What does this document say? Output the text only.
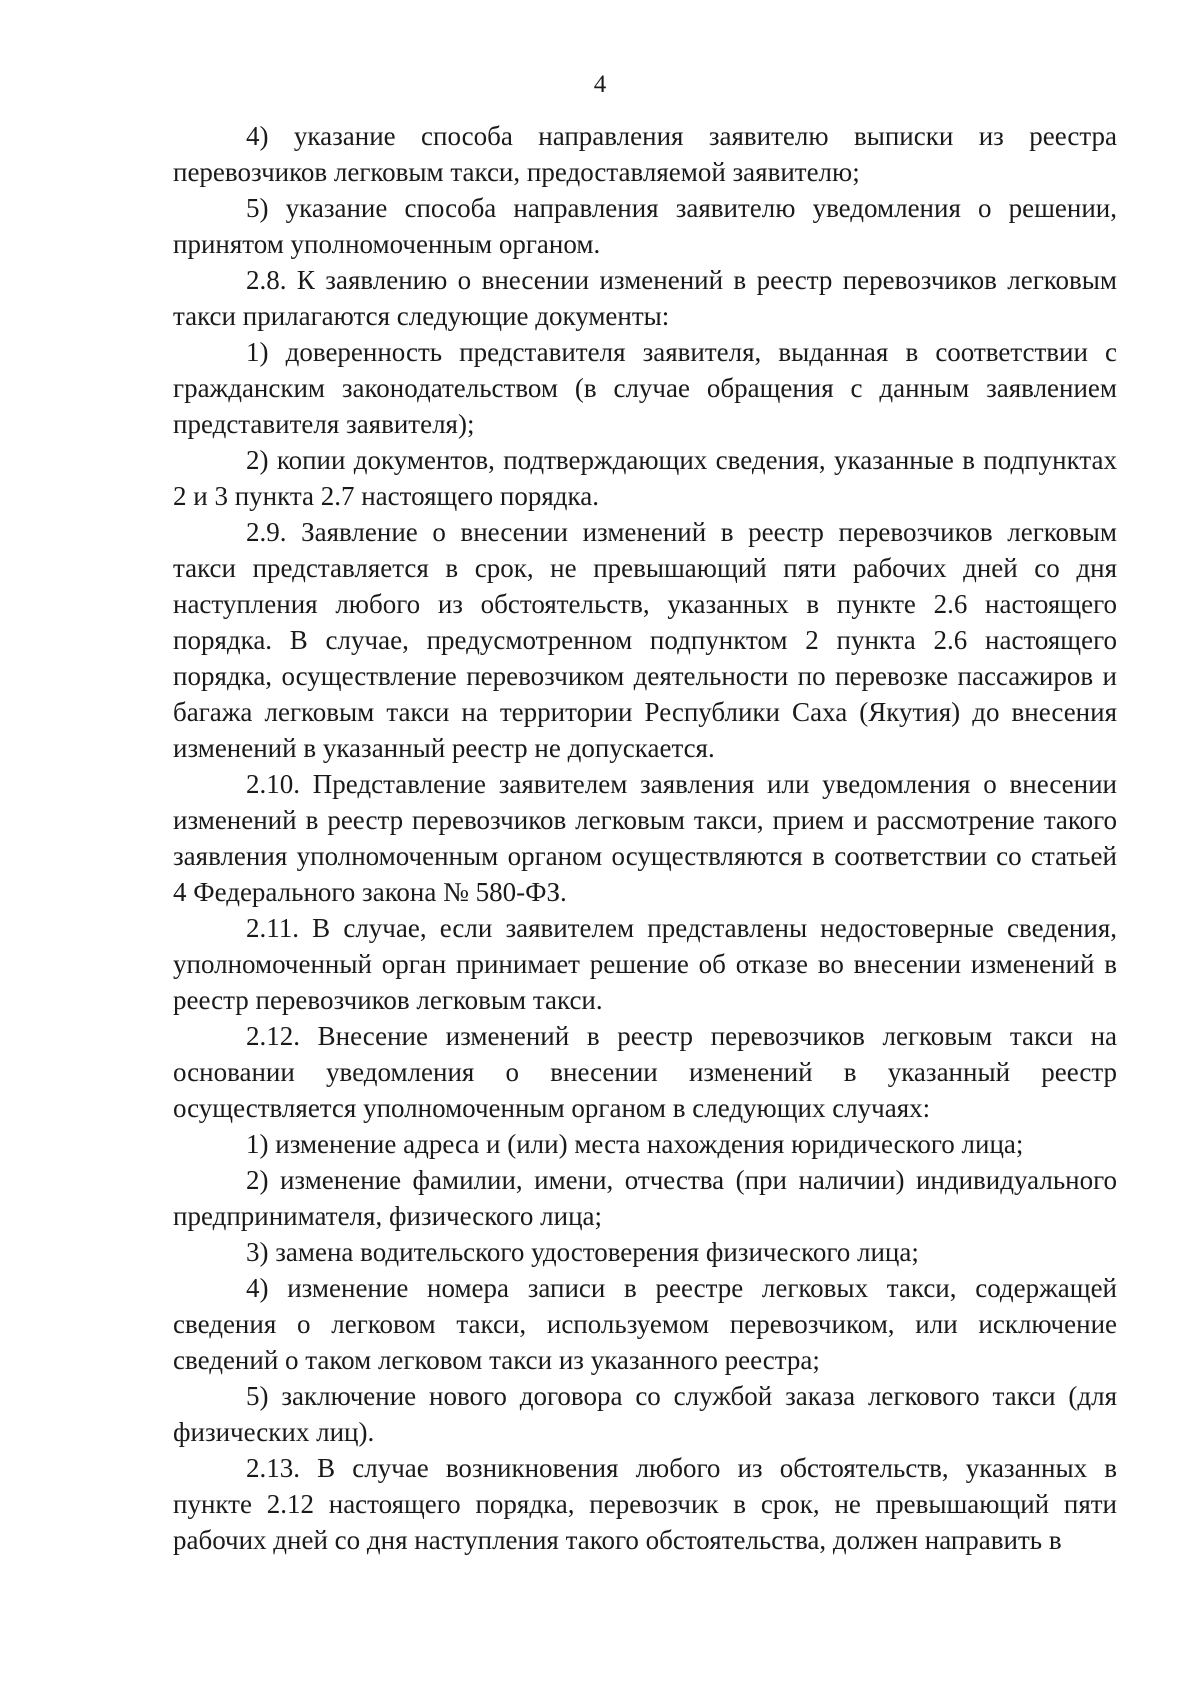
4

4) указание способа направления заявителю выписки из реестра перевозчиков легковым такси, предоставляемой заявителю;

5) указание способа направления заявителю уведомления о решении, принятом уполномоченным органом.

2.8. К заявлению о внесении изменений в реестр перевозчиков легковым такси прилагаются следующие документы:

1) доверенность представителя заявителя, выданная в соответствии с гражданским законодательством (в случае обращения с данным заявлением представителя заявителя);

2) копии документов, подтверждающих сведения, указанные в подпунктах 2 и 3 пункта 2.7 настоящего порядка.

2.9. Заявление о внесении изменений в реестр перевозчиков легковым такси представляется в срок, не превышающий пяти рабочих дней со дня наступления любого из обстоятельств, указанных в пункте 2.6 настоящего порядка. В случае, предусмотренном подпунктом 2 пункта 2.6 настоящего порядка, осуществление перевозчиком деятельности по перевозке пассажиров и багажа легковым такси на территории Республики Саха (Якутия) до внесения изменений в указанный реестр не допускается.

2.10. Представление заявителем заявления или уведомления о внесении изменений в реестр перевозчиков легковым такси, прием и рассмотрение такого заявления уполномоченным органом осуществляются в соответствии со статьей 4 Федерального закона № 580-ФЗ.

2.11. В случае, если заявителем представлены недостоверные сведения, уполномоченный орган принимает решение об отказе во внесении изменений в реестр перевозчиков легковым такси.

2.12. Внесение изменений в реестр перевозчиков легковым такси на основании уведомления о внесении изменений в указанный реестр осуществляется уполномоченным органом в следующих случаях:

1) изменение адреса и (или) места нахождения юридического лица;

2) изменение фамилии, имени, отчества (при наличии) индивидуального предпринимателя, физического лица;

3) замена водительского удостоверения физического лица;

4) изменение номера записи в реестре легковых такси, содержащей сведения о легковом такси, используемом перевозчиком, или исключение сведений о таком легковом такси из указанного реестра;

5) заключение нового договора со службой заказа легкового такси (для физических лиц).

2.13. В случае возникновения любого из обстоятельств, указанных в пункте 2.12 настоящего порядка, перевозчик в срок, не превышающий пяти рабочих дней со дня наступления такого обстоятельства, должен направить в
